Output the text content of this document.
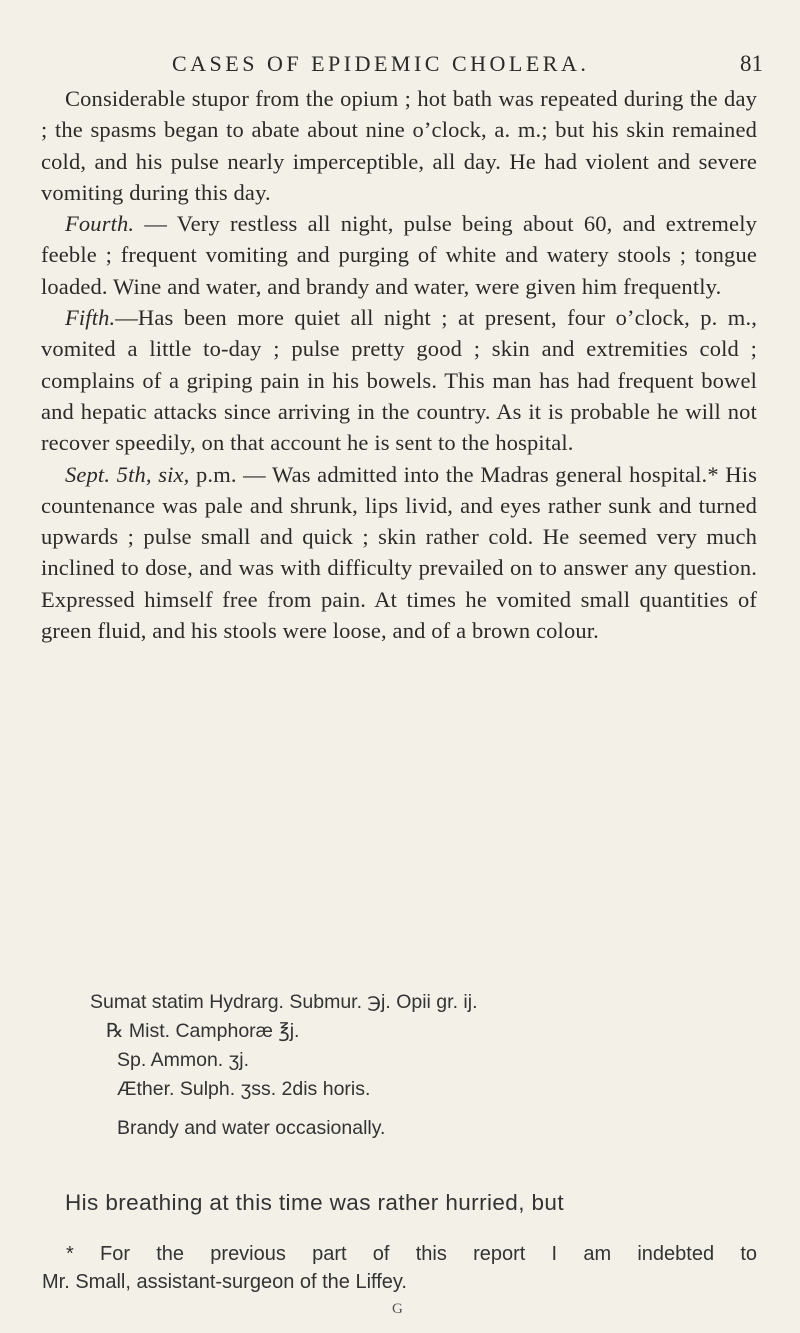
CASES OF EPIDEMIC CHOLERA.	81

Considerable stupor from the opium ; hot bath was repeated during the day ; the spasms began to abate about nine o’clock, a. m.; but his skin remained cold, and his pulse nearly imperceptible, all day. He had violent and severe vomiting during this day.

Fourth. — Very restless all night, pulse being about 60, and extremely feeble ; frequent vomiting and purging of white and watery stools ; tongue loaded. Wine and water, and brandy and water, were given him frequently.

Fifth.—Has been more quiet all night ; at present, four o’clock, p. m., vomited a little to-day ; pulse pretty good ; skin and extremities cold ; complains of a griping pain in his bowels. This man has had frequent bowel and hepatic attacks since arriving in the country. As it is probable he will not recover speedily, on that account he is sent to the hospital.

Sept. 5th, six, p.m. — Was admitted into the Madras general hospital.* His countenance was pale and shrunk, lips livid, and eyes rather sunk and turned upwards ; pulse small and quick ; skin rather cold. He seemed very much inclined to dose, and was with difficulty prevailed on to answer any question. Expressed himself free from pain. At times he vomited small quantities of green fluid, and his stools were loose, and of a brown colour.

Sumat statim Hydrarg. Submur. ℈j. Opii gr. ij.
℞ Mist. Camphoræ ℥j.
Sp. Ammon. ʒj.
Æther. Sulph. ʒss. 2dis horis.
Brandy and water occasionally.
His breathing at this time was rather hurried, but
* For the previous part of this report I am indebted to
Mr. Small, assistant-surgeon of the Liffey.
G
